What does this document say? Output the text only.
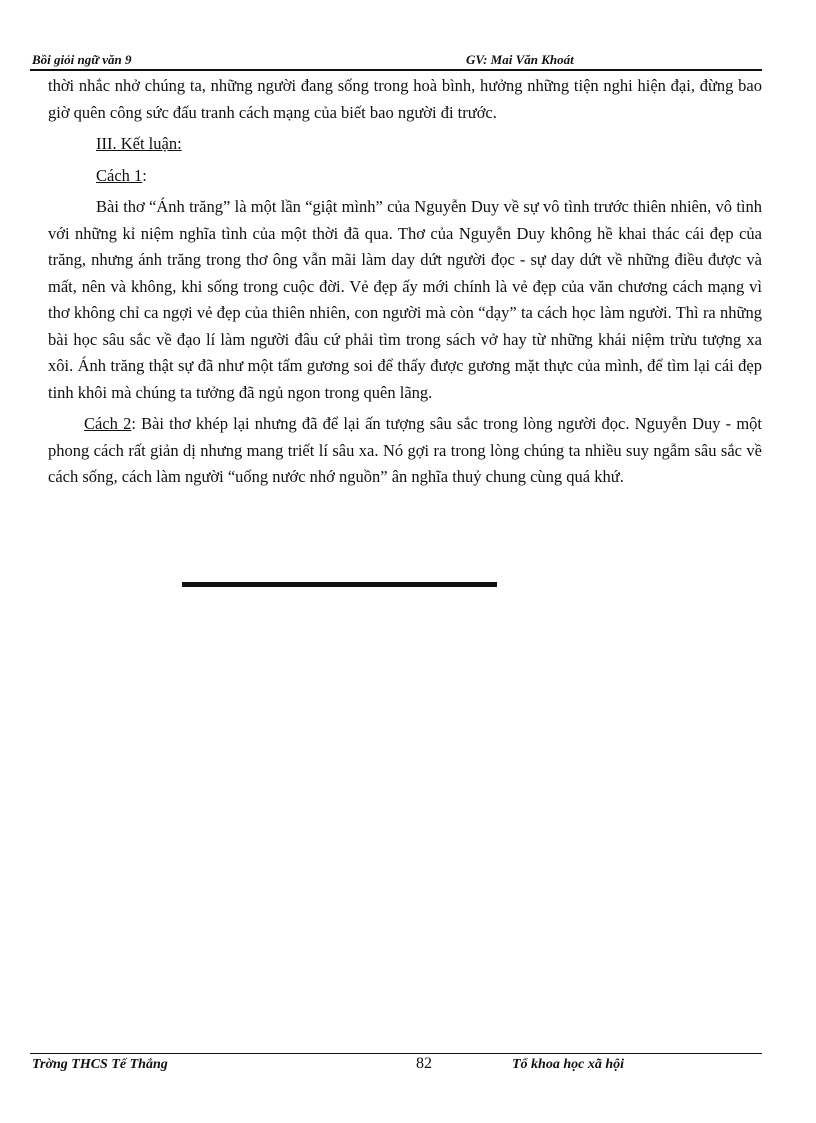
Bồi giỏi ngữ văn 9	GV: Mai Văn Khoát

thời nhắc nhở chúng ta, những người đang sống trong hoà bình, hưởng những tiện nghi hiện đại, đừng bao giờ quên công sức đấu tranh cách mạng của biết bao người đi trước.

III. Kết luận:

Cách 1:

Bài thơ “Ánh trăng” là một lần “giật mình” của Nguyễn Duy về sự vô tình trước thiên nhiên, vô tình với những kỉ niệm nghĩa tình của một thời đã qua. Thơ của Nguyễn Duy không hề khai thác cái đẹp của trăng, nhưng ánh trăng trong thơ ông vẫn mãi làm day dứt người đọc - sự day dứt về những điều được và mất, nên và không, khi sống trong cuộc đời. Vẻ đẹp ấy mới chính là vẻ đẹp của văn chương cách mạng vì thơ không chỉ ca ngợi vẻ đẹp của thiên nhiên, con người mà còn “dạy” ta cách học làm người. Thì ra những bài học sâu sắc về đạo lí làm người đâu cứ phải tìm trong sách vở hay từ những khái niệm trừu tượng xa xôi. Ánh trăng thật sự đã như một tấm gương soi để thấy được gương mặt thực của mình, để tìm lại cái đẹp tinh khôi mà chúng ta tưởng đã ngủ ngon trong quên lãng.

Cách 2: Bài thơ khép lại nhưng đã để lại ấn tượng sâu sắc trong lòng người đọc. Nguyễn Duy - một phong cách rất giản dị nhưng mang triết lí sâu xa. Nó gợi ra trong lòng chúng ta nhiều suy ngẫm sâu sắc về cách sống, cách làm người “uống nước nhớ nguồn” ân nghĩa thuỷ chung cùng quá khứ.

Trờng THCS Tế Thắng	82	Tổ khoa học xã hội
